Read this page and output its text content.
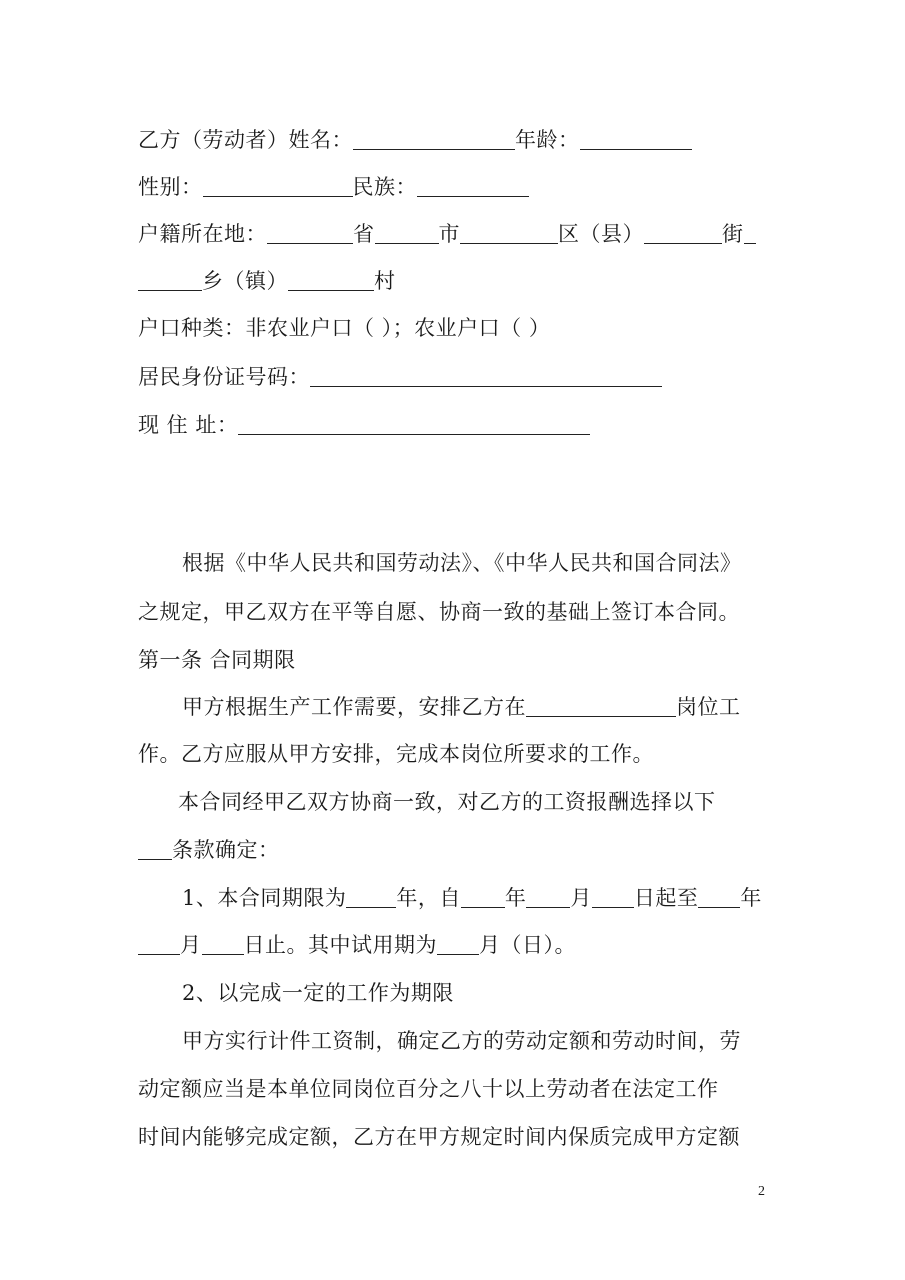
乙方（劳动者）姓名：	年龄：
性别：	民族：
户籍所在地：	省	市	区（县）	街
乡（镇）	村
户口种类：非农业户口（ ）；农业户口（ ）
居民身份证号码：
现 住 址：
根据《中华人民共和国劳动法》、《中华人民共和国合同法》
之规定，甲乙双方在平等自愿、协商一致的基础上签订本合同。
第一条 合同期限
甲方根据生产工作需要，安排乙方在	岗位工
作。乙方应服从甲方安排，完成本岗位所要求的工作。
本合同经甲乙双方协商一致，对乙方的工资报酬选择以下
条款确定：
1、本合同期限为 年，自 年 月 日起至 年
月 日止。其中试用期为 月（日）。
2、以完成一定的工作为期限
甲方实行计件工资制，确定乙方的劳动定额和劳动时间，劳
动定额应当是本单位同岗位百分之八十以上劳动者在法定工作
时间内能够完成定额，乙方在甲方规定时间内保质完成甲方定额
2
